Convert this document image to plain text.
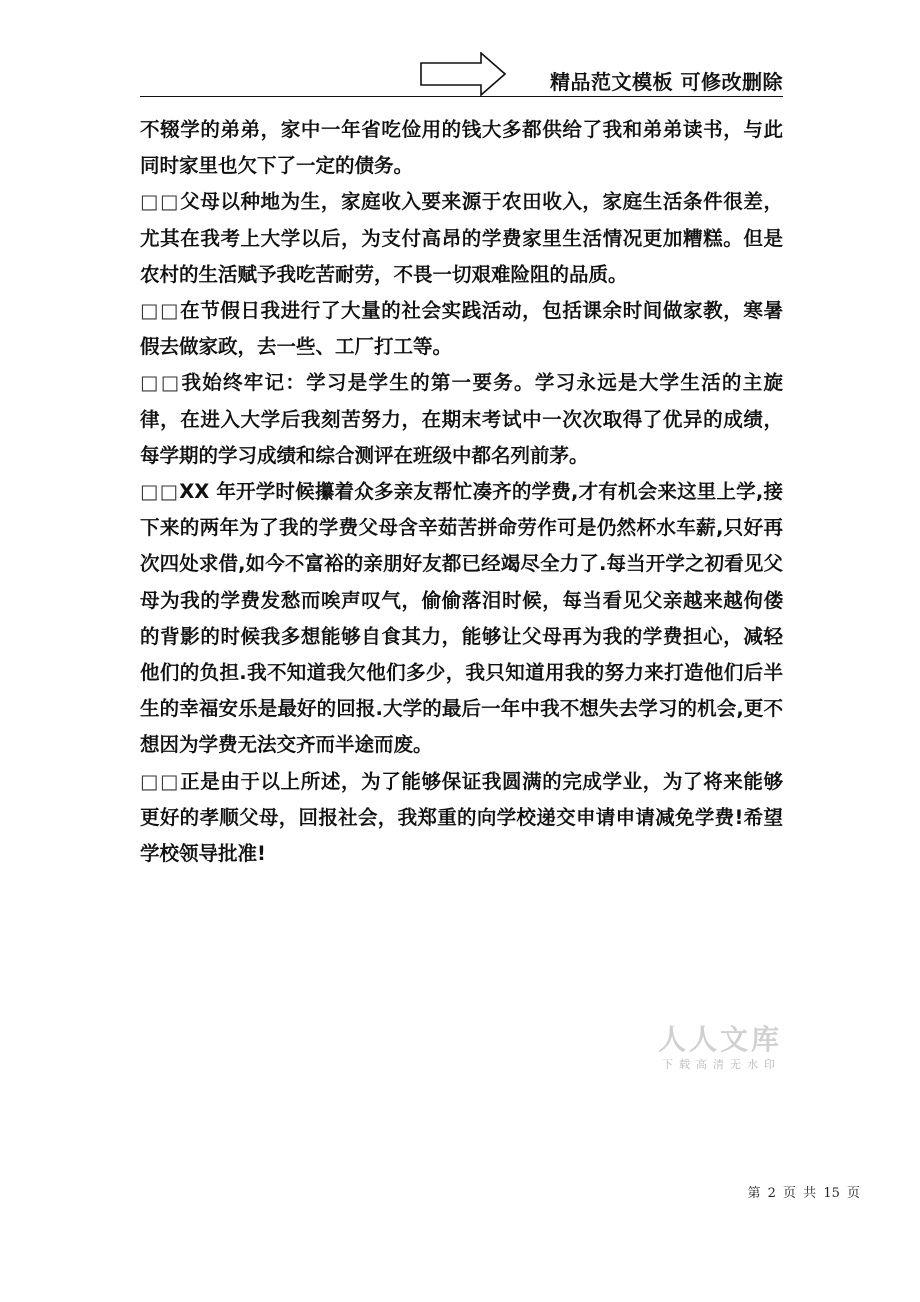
精品范文模板 可修改删除

不辍学的弟弟，家中一年省吃俭用的钱大多都供给了我和弟弟读书，与此同时家里也欠下了一定的债务。

□□父母以种地为生，家庭收入要来源于农田收入，家庭生活条件很差，尤其在我考上大学以后，为支付高昂的学费家里生活情况更加糟糕。但是农村的生活赋予我吃苦耐劳，不畏一切艰难险阻的品质。

□□在节假日我进行了大量的社会实践活动，包括课余时间做家教，寒暑假去做家政，去一些、工厂打工等。

□□我始终牢记：学习是学生的第一要务。学习永远是大学生活的主旋律，在进入大学后我刻苦努力，在期末考试中一次次取得了优异的成绩，每学期的学习成绩和综合测评在班级中都名列前茅。

□□XX 年开学时候攥着众多亲友帮忙凑齐的学费,才有机会来这里上学,接下来的两年为了我的学费父母含辛茹苦拼命劳作可是仍然杯水车薪,只好再次四处求借,如今不富裕的亲朋好友都已经竭尽全力了.每当开学之初看见父母为我的学费发愁而唉声叹气，偷偷落泪时候，每当看见父亲越来越佝偻的背影的时候我多想能够自食其力，能够让父母再为我的学费担心，减轻他们的负担.我不知道我欠他们多少，我只知道用我的努力来打造他们后半生的幸福安乐是最好的回报.大学的最后一年中我不想失去学习的机会,更不想因为学费无法交齐而半途而废。

□□正是由于以上所述，为了能够保证我圆满的完成学业，为了将来能够更好的孝顺父母，回报社会，我郑重的向学校递交申请申请减免学费!希望学校领导批准!

人人文库
下载高清无水印
第 2 页 共 15 页
